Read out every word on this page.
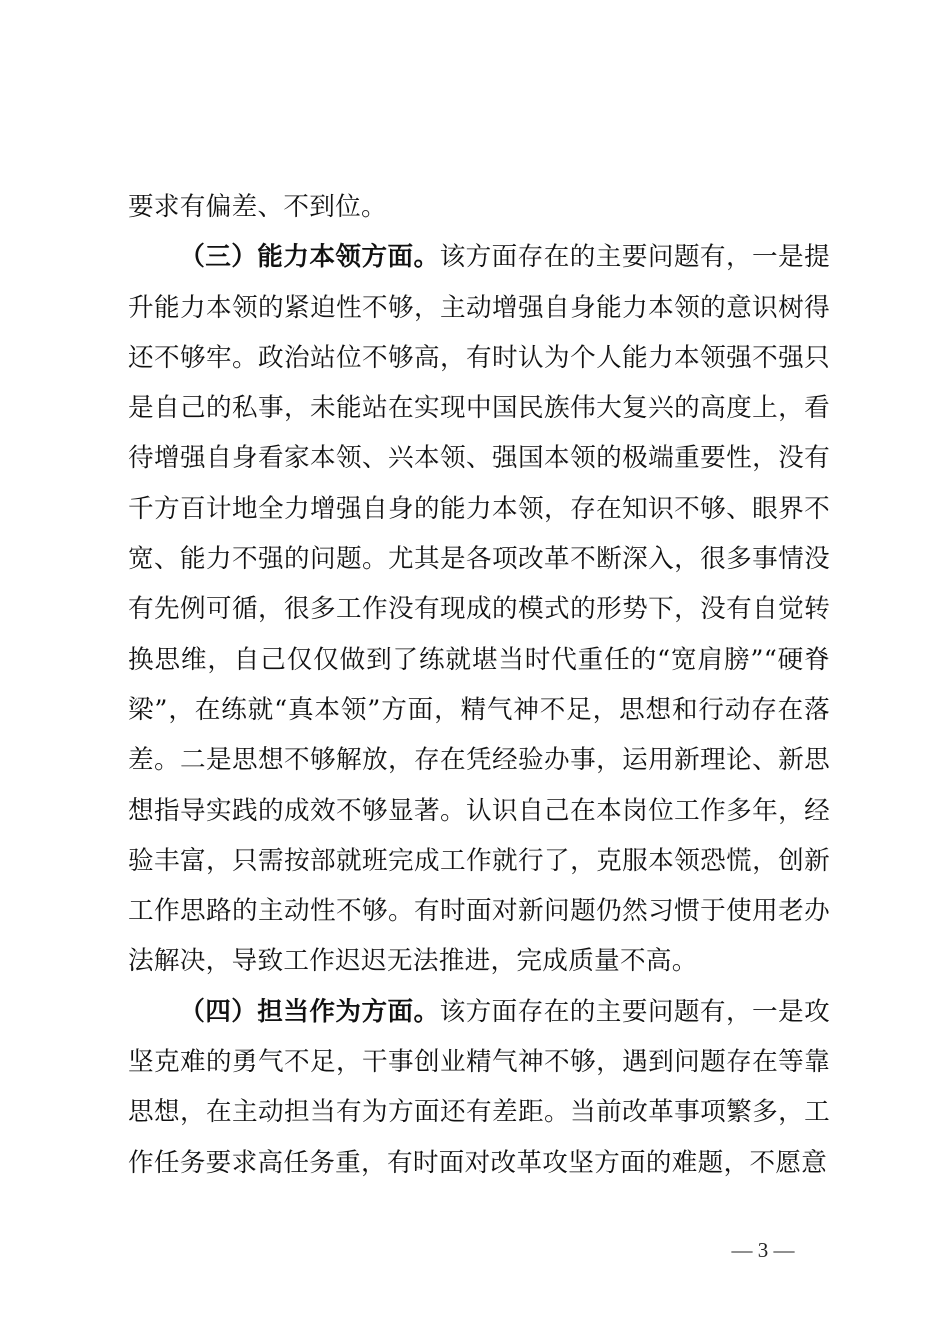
要求有偏差、不到位。

（三）能力本领方面。该方面存在的主要问题有，一是提升能力本领的紧迫性不够，主动增强自身能力本领的意识树得还不够牢。政治站位不够高，有时认为个人能力本领强不强只是自己的私事，未能站在实现中国民族伟大复兴的高度上，看待增强自身看家本领、兴本领、强国本领的极端重要性，没有千方百计地全力增强自身的能力本领，存在知识不够、眼界不宽、能力不强的问题。尤其是各项改革不断深入，很多事情没有先例可循，很多工作没有现成的模式的形势下，没有自觉转换思维，自己仅仅做到了练就堪当时代重任的“宽肩膀”“硬脊梁”，在练就“真本领”方面，精气神不足，思想和行动存在落差。二是思想不够解放，存在凭经验办事，运用新理论、新思想指导实践的成效不够显著。认识自己在本岗位工作多年，经验丰富，只需按部就班完成工作就行了，克服本领恐慌，创新工作思路的主动性不够。有时面对新问题仍然习惯于使用老办法解决，导致工作迟迟无法推进，完成质量不高。

（四）担当作为方面。该方面存在的主要问题有，一是攻坚克难的勇气不足，干事创业精气神不够，遇到问题存在等靠思想，在主动担当有为方面还有差距。当前改革事项繁多，工作任务要求高任务重，有时面对改革攻坚方面的难题，不愿意

— 3 —
